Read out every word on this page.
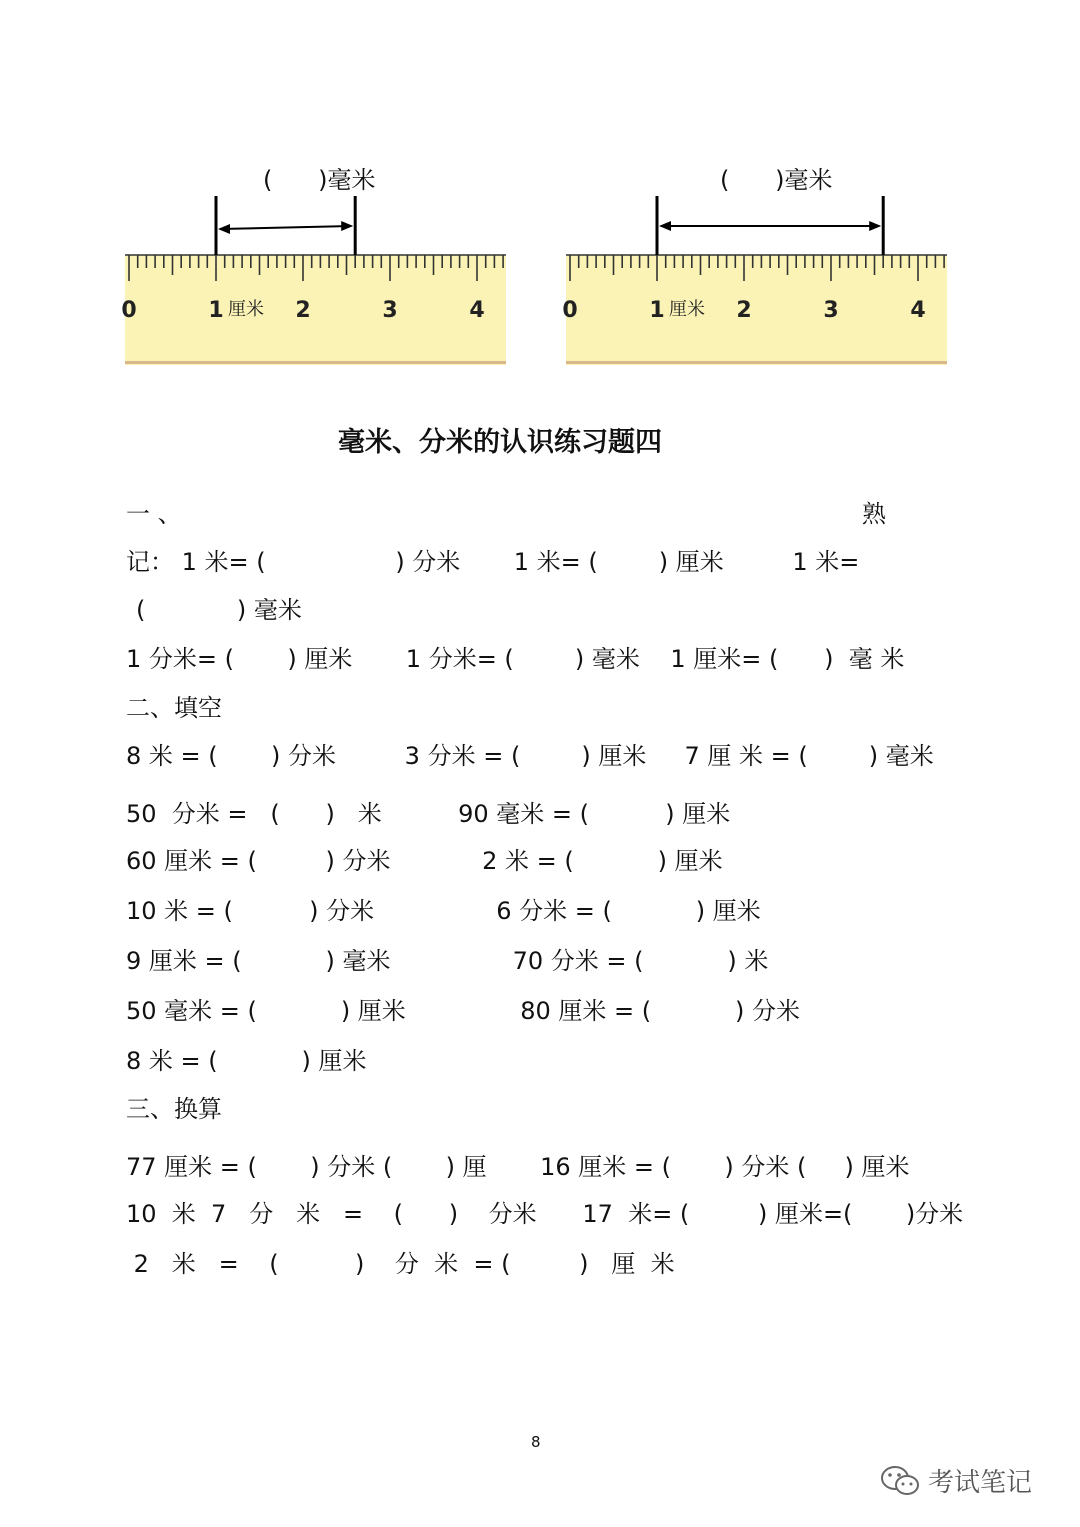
(      )毫米
0	1	2	3	4
厘米
(      )毫米
0	1	2	3	4
厘米
毫米、分米的认识练习题四
一 、	熟
记： 1 米= (                 ) 分米       1 米= (        ) 厘米         1 米=
(            ) 毫米
1 分米= (       ) 厘米       1 分米= (        ) 毫米    1 厘米= (      )  毫 米
二、填空
8 米 = (       ) 分米         3 分米 = (        ) 厘米     7 厘 米 = (        ) 毫米
50  分米 =   (      )   米          90 毫米 = (          ) 厘米
60 厘米 = (         ) 分米            2 米 = (           ) 厘米
10 米 = (          ) 分米                6 分米 = (           ) 厘米
9 厘米 = (           ) 毫米                70 分米 = (           ) 米
50 毫米 = (           ) 厘米               80 厘米 = (           ) 分米
8 米 = (           ) 厘米
三、换算
77 厘米 = (       ) 分米 (       ) 厘       16 厘米 = (       ) 分米 (     ) 厘米
10  米  7   分   米   =    (      )    分米      17  米= (         ) 厘米=(       )分米
2   米   =    (          )    分  米  = (         )   厘  米
8
考试笔记
